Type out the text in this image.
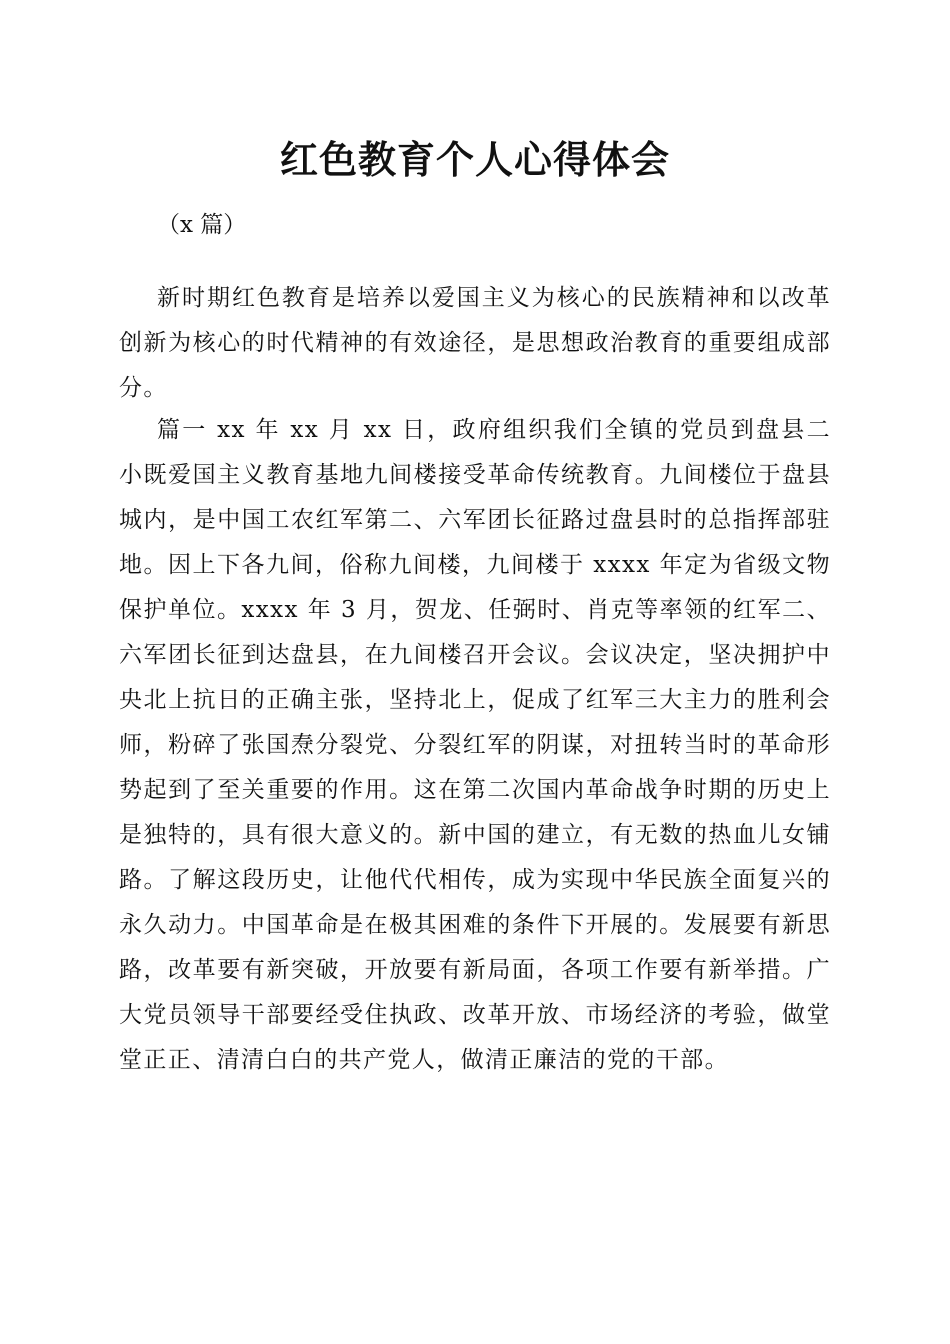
红色教育个人心得体会

（x 篇）

新时期红色教育是培养以爱国主义为核心的民族精神和以改革创新为核心的时代精神的有效途径，是思想政治教育的重要组成部分。

篇一 xx 年 xx 月 xx 日，政府组织我们全镇的党员到盘县二小既爱国主义教育基地九间楼接受革命传统教育。九间楼位于盘县城内，是中国工农红军第二、六军团长征路过盘县时的总指挥部驻地。因上下各九间，俗称九间楼，九间楼于 xxxx 年定为省级文物保护单位。xxxx 年 3 月，贺龙、任弼时、肖克等率领的红军二、六军团长征到达盘县，在九间楼召开会议。会议决定，坚决拥护中央北上抗日的正确主张，坚持北上，促成了红军三大主力的胜利会师，粉碎了张国焘分裂党、分裂红军的阴谋，对扭转当时的革命形势起到了至关重要的作用。这在第二次国内革命战争时期的历史上是独特的，具有很大意义的。新中国的建立，有无数的热血儿女铺路。了解这段历史，让他代代相传，成为实现中华民族全面复兴的永久动力。中国革命是在极其困难的条件下开展的。发展要有新思路，改革要有新突破，开放要有新局面，各项工作要有新举措。广大党员领导干部要经受住执政、改革开放、市场经济的考验，做堂堂正正、清清白白的共产党人，做清正廉洁的党的干部。
